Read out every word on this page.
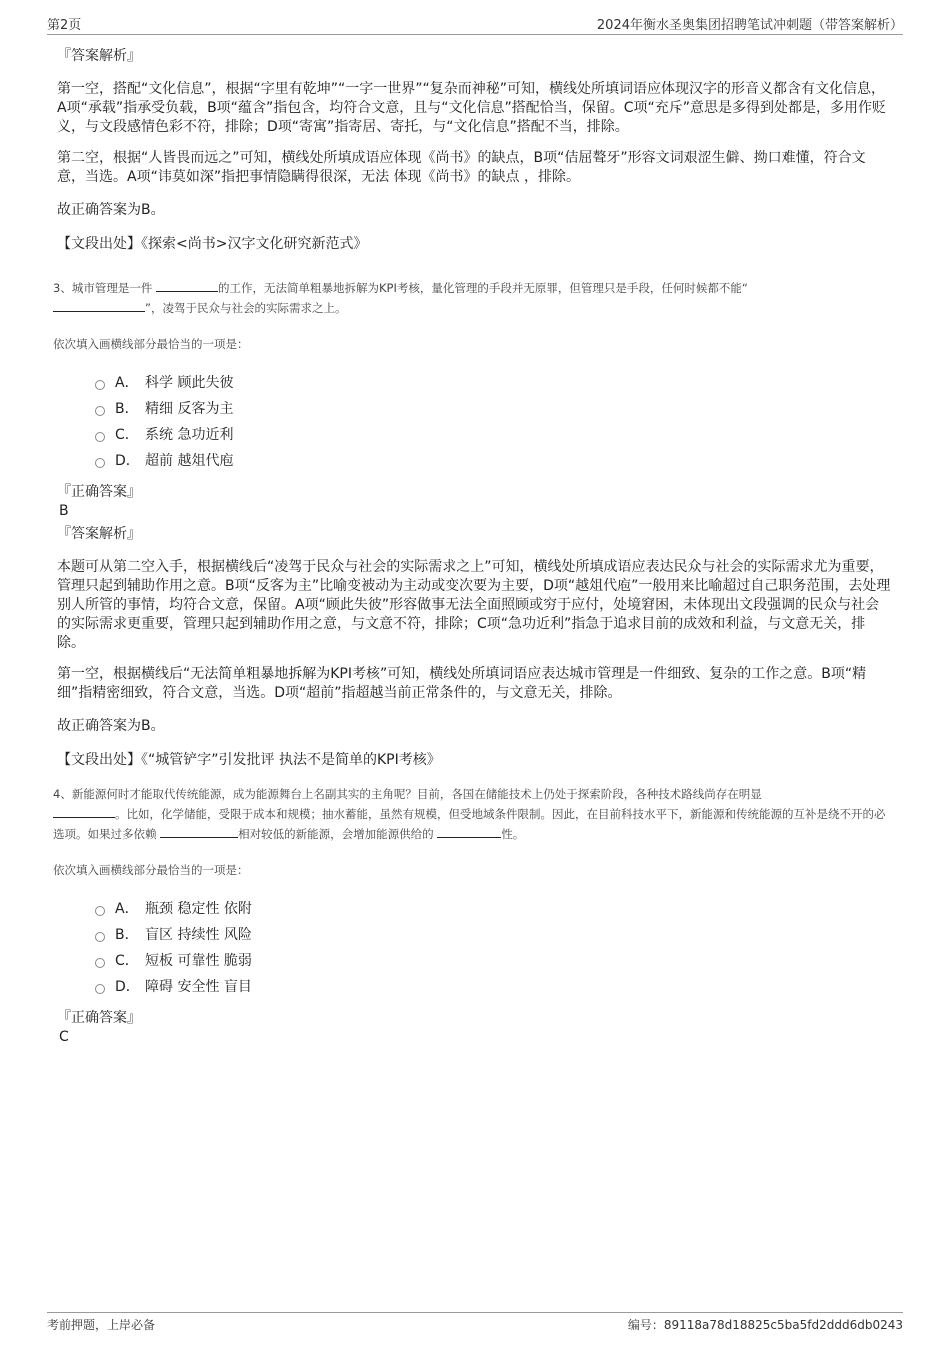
第2页	2024年衡水圣奥集团招聘笔试冲刺题（带答案解析）
『答案解析』

第一空，搭配“文化信息”，根据“字里有乾坤”“一字一世界”“复杂而神秘”可知，横线处所填词语应体现汉字的形音义都含有文化信息，A项“承载”指承受负载，B项“蕴含”指包含，均符合文意，且与“文化信息”搭配恰当，保留。C项“充斥”意思是多得到处都是，多用作贬义，与文段感情色彩不符，排除；D项“寄寓”指寄居、寄托，与“文化信息”搭配不当，排除。

第二空，根据“人皆畏而远之”可知，横线处所填成语应体现《尚书》的缺点，B项“佶屈聱牙”形容文词艰涩生僻、拗口难懂，符合文意，当选。A项“讳莫如深”指把事情隐瞒得很深，无法 体现《尚书》的缺点 ，排除。

故正确答案为B。

【文段出处】《探索<尚书>汉字文化研究新范式》
3、城市管理是一件	的工作，无法简单粗暴地拆解为KPI考核，量化管理的手段并无原罪，但管理只是手段，任何时候都不能“
”，凌驾于民众与社会的实际需求之上。
依次填入画横线部分最恰当的一项是：
A． 科学 顾此失彼
B． 精细 反客为主
C． 系统 急功近利
D． 超前 越俎代庖
『正确答案』
B
『答案解析』

本题可从第二空入手，根据横线后“凌驾于民众与社会的实际需求之上”可知，横线处所填成语应表达民众与社会的实际需求尤为重要，管理只起到辅助作用之意。B项“反客为主”比喻变被动为主动或变次要为主要，D项“越俎代庖”一般用来比喻超过自己职务范围，去处理别人所管的事情，均符合文意，保留。A项“顾此失彼”形容做事无法全面照顾或穷于应付，处境窘困，未体现出文段强调的民众与社会的实际需求更重要，管理只起到辅助作用之意，与文意不符，排除；C项“急功近利”指急于追求目前的成效和利益，与文意无关，排除。

第一空，根据横线后“无法简单粗暴地拆解为KPI考核”可知，横线处所填词语应表达城市管理是一件细致、复杂的工作之意。B项“精细”指精密细致，符合文意，当选。D项“超前”指超越当前正常条件的，与文意无关，排除。

故正确答案为B。

【文段出处】《“城管铲字”引发批评 执法不是简单的KPI考核》
4、新能源何时才能取代传统能源，成为能源舞台上名副其实的主角呢？目前，各国在储能技术上仍处于探索阶段，各种技术路线尚存在明显
。比如，化学储能，受限于成本和规模；抽水蓄能，虽然有规模，但受地域条件限制。因此，在目前科技水平下，新能源和传统能源的互补是绕不开的必选项。如果过多依赖	相对较低的新能源，会增加能源供给的	性。
依次填入画横线部分最恰当的一项是：
A． 瓶颈 稳定性 依附
B． 盲区 持续性 风险
C． 短板 可靠性 脆弱
D． 障碍 安全性 盲目
『正确答案』
C
考前押题，上岸必备	编号：89118a78d18825c5ba5fd2ddd6db0243
